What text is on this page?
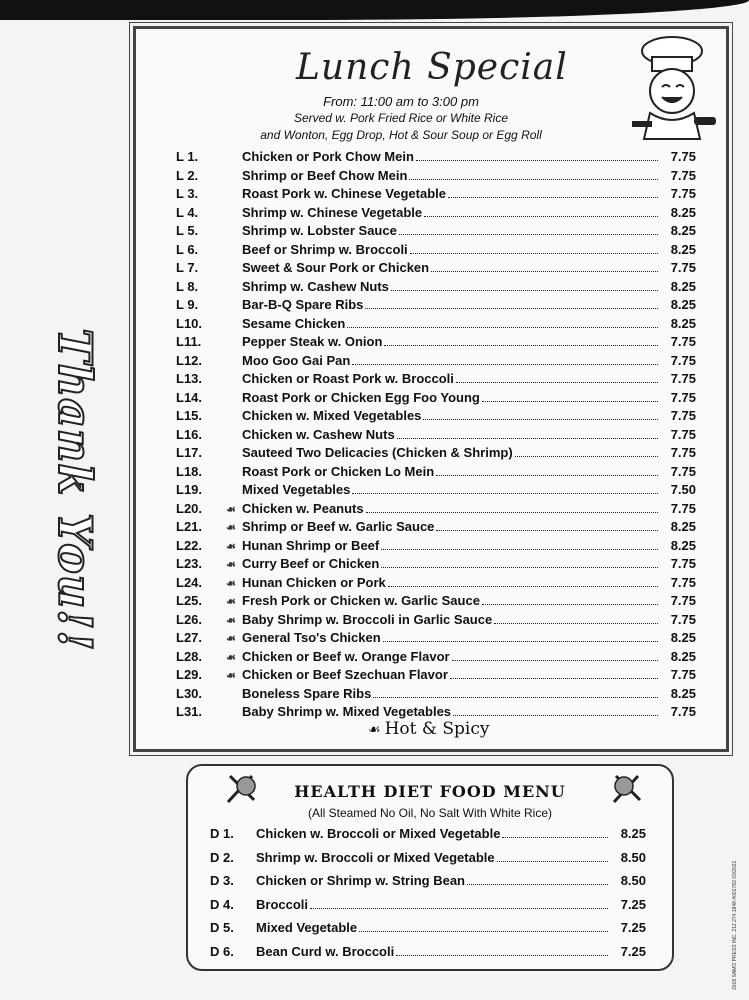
Thank You!!
Lunch Special
From: 11:00 am to 3:00 pm
Served w. Pork Fried Rice or White Rice
and Wonton, Egg Drop, Hot & Sour Soup or Egg Roll
L 1.	Chicken or Pork Chow Mein	7.75
L 2.	Shrimp or Beef Chow Mein	7.75
L 3.	Roast Pork w. Chinese Vegetable	7.75
L 4.	Shrimp w. Chinese Vegetable	8.25
L 5.	Shrimp w. Lobster Sauce	8.25
L 6.	Beef or Shrimp w. Broccoli	8.25
L 7.	Sweet & Sour Pork or Chicken	7.75
L 8.	Shrimp w. Cashew Nuts	8.25
L 9.	Bar-B-Q Spare Ribs	8.25
L10.	Sesame Chicken	8.25
L11.	Pepper Steak w. Onion	7.75
L12.	Moo Goo Gai Pan	7.75
L13.	Chicken or Roast Pork w. Broccoli	7.75
L14.	Roast Pork or Chicken Egg Foo Young	7.75
L15.	Chicken w. Mixed Vegetables	7.75
L16.	Chicken w. Cashew Nuts	7.75
L17.	Sauteed Two Delicacies (Chicken & Shrimp)	7.75
L18.	Roast Pork or Chicken Lo Mein	7.75
L19.	Mixed Vegetables	7.50
L20.	☙ Chicken w. Peanuts	7.75
L21.	☙ Shrimp or Beef w. Garlic Sauce	8.25
L22.	☙ Hunan Shrimp or Beef	8.25
L23.	☙ Curry Beef or Chicken	7.75
L24.	☙ Hunan Chicken or Pork	7.75
L25.	☙ Fresh Pork or Chicken w. Garlic Sauce	7.75
L26.	☙ Baby Shrimp w. Broccoli in Garlic Sauce	7.75
L27.	☙ General Tso's Chicken	8.25
L28.	☙ Chicken or Beef w. Orange Flavor	8.25
L29.	☙ Chicken or Beef Szechuan Flavor	7.75
L30.	Boneless Spare Ribs	8.25
L31.	Baby Shrimp w. Mixed Vegetables	7.75
☙ Hot & Spicy
HEALTH DIET FOOD MENU
(All Steamed No Oil, No Salt With White Rice)
D 1.	Chicken w. Broccoli or Mixed Vegetable	8.25
D 2.	Shrimp w. Broccoli or Mixed Vegetable	8.50
D 3.	Chicken or Shrimp w. String Bean	8.50
D 4.	Broccoli	7.25
D 5.	Mixed Vegetable	7.25
D 6.	Bean Curd w. Broccoli	7.25	2018 SAMO PRESS INC. 212.274.1848 #001783 03/2021
